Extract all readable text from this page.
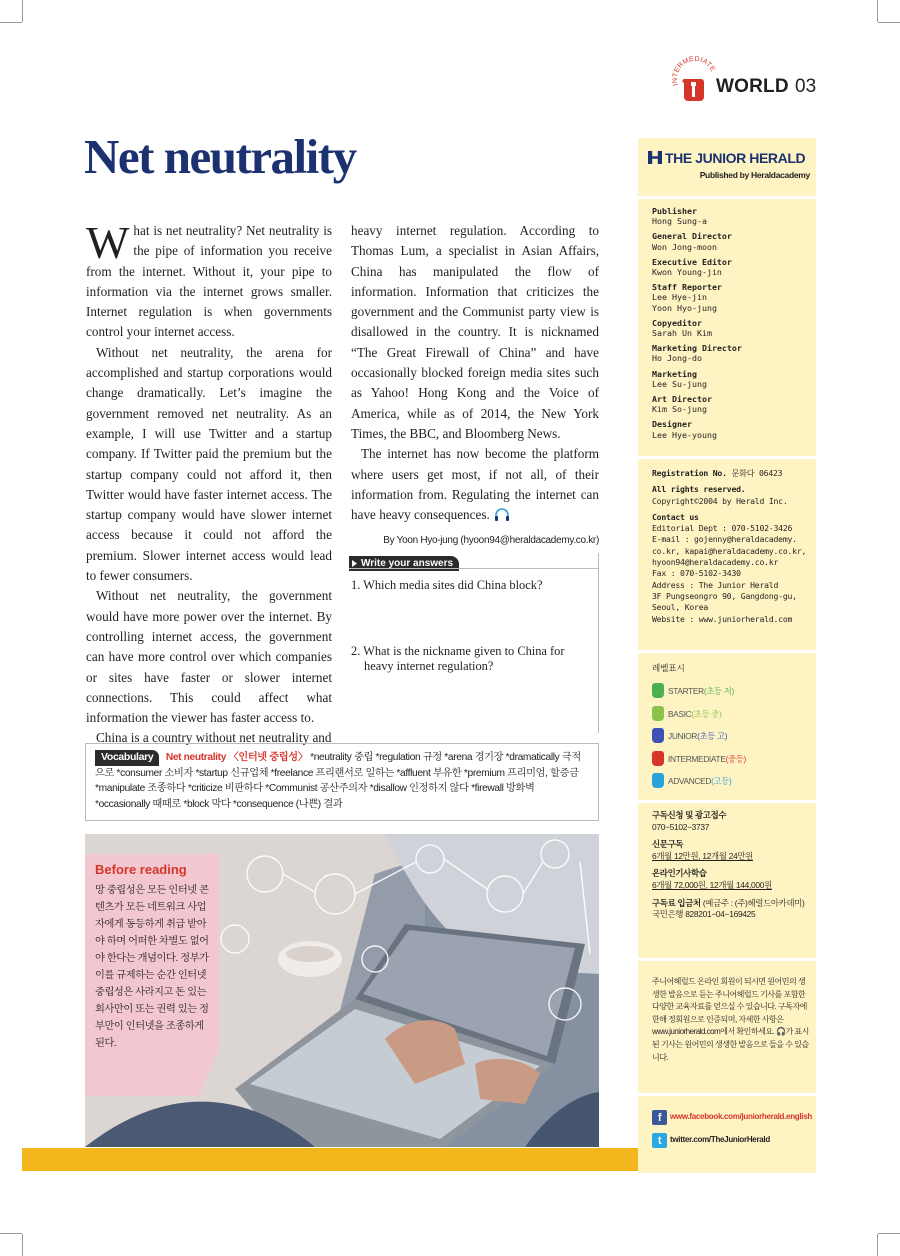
INTERMEDIATE
WORLD 03
Net neutrality

What is net neutrality? Net neutrality is the pipe of information you receive from the internet. Without it, your pipe to information via the internet grows smaller. Internet regulation is when governments control your internet access.

Without net neutrality, the arena for accomplished and startup corporations would change dramatically. Let’s imagine the government removed net neutrality. As an example, I will use Twitter and a startup company. If Twitter paid the premium but the startup company could not afford it, then Twitter would have faster internet access. The startup company would have slower internet access because it could not afford the premium. Slower internet access would lead to fewer consumers.

Without net neutrality, the government would have more power over the internet. By controlling internet access, the government can have more control over which companies or sites have faster or slower internet connections. This could affect what information the viewer has faster access to.

China is a country without net neutrality and

heavy internet regulation. According to Thomas Lum, a specialist in Asian Affairs, China has manipulated the flow of information. Information that criticizes the government and the Communist party view is disallowed in the country. It is nicknamed “The Great Firewall of China” and have occasionally blocked foreign media sites such as Yahoo! Hong Kong and the Voice of America, while as of 2014, the New York Times, the BBC, and Bloomberg News.

The internet has now become the platform where users get most, if not all, of their information from. Regulating the internet can have heavy consequences.

By Yoon Hyo-jung (hyoon94@heraldacademy.co.kr)

Write your answers
1. Which media sites did China block?
2. What is the nickname given to China for heavy internet regulation?
Vocabulary Net neutrality 〈인터넷 중립성〉 *neutrality 중립 *regulation 규정 *arena 경기장 *dramatically 극적으로 *consumer 소비자 *startup 신규업체 *freelance 프리랜서로 일하는 *affluent 부유한 *premium 프리미엄, 할증금 *manipulate 조종하다 *criticize 비판하다 *Communist 공산주의자 *disallow 인정하지 않다 *firewall 방화벽 *occasionally 때때로 *block 막다 *consequence (나쁜) 결과
Before reading
망 중립성은 모든 인터넷 콘텐츠가 모든 네트워크 사업자에게 동등하게 취급 받아야 하며 어떠한 차별도 없어야 한다는 개념이다. 정부가 이를 규제하는 순간 인터넷 중립성은 사라지고 돈 있는 회사만이 또는 권력 있는 정부만이 인터넷을 조종하게 된다.
THE JUNIOR HERALD
Published by Heraldacademy
Publisher
Hong Sung-a
General Director
Won Jong-moon
Executive Editor
Kwon Young-jin
Staff Reporter
Lee Hye-jin
Yoon Hyo-jung
Copyeditor
Sarah Un Kim
Marketing Director
Ho Jong-do
Marketing
Lee Su-jung
Art Director
Kim So-jung
Designer
Lee Hye-young
Registration No. 문화다 06423
All rights reserved. Copyright©2004 by Herald Inc.
Contact us
Editorial Dept : 070-5102-3426
E-mail : gojenny@heraldacademy.
co.kr, kapai@heraldacademy.co.kr,
hyoon94@heraldacademy.co.kr
Fax : 070-5102-3430
Address : The Junior Herald
3F Pungseongro 90, Gangdong-gu,
Seoul, Korea
Website : www.juniorherald.com
레벨표시
STARTER(초등 저)
BASIC(초등 중)
JUNIOR(초등 고)
INTERMEDIATE(중등)
ADVANCED(고등)
구독신청 및 광고접수
070−5102−3737
신문구독
6개월 12만원, 12개월 24만원
온라인기사학습
6개월 72,000원, 12개월 144,000원
구독료 입금처 (예금주 : (주)헤럴드아카데미)
국민은행 828201−04−169425
주니어헤럴드 온라인 회원이 되시면 원어민의 생생한 발음으로 듣는 주니어헤럴드 기사를 포함한 다양한 교육자료를 얻으실 수 있습니다. 구독자에 한해 정회원으로 인증되며, 자세한 사항은 www.juniorherald.com에서 확인하세요. 🎧가 표시된 기사는 원어민의 생생한 발음으로 들을 수 있습니다.
f	www.facebook.com/juniorherald.english
t	twitter.com/TheJuniorHerald
